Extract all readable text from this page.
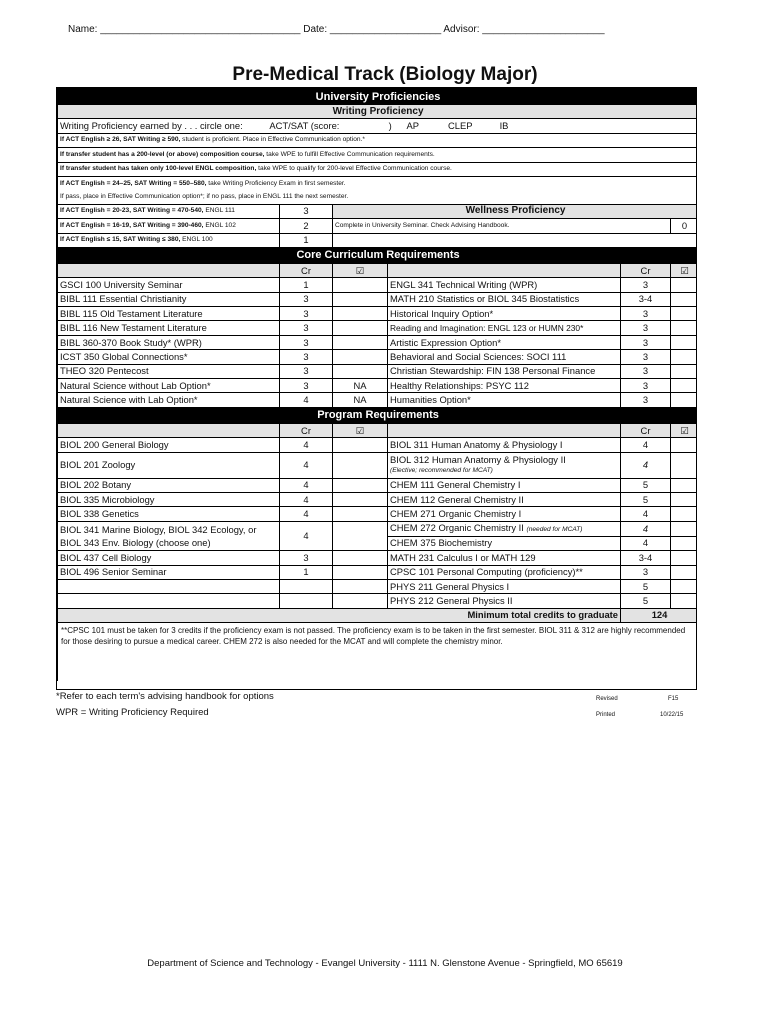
Name: ____________________________________ Date: ____________________ Advisor: ______________________
Pre-Medical Track (Biology Major)
University Proficiencies					
Writing Proficiency					
Writing Proficiency earned by . . . circle one: ACT/SAT (score: ) AP CLEP IB					
If ACT English ≥ 26, SAT Writing ≥ 590, student is proficient. Place in Effective Communication option.*					
If transfer student has a 200-level (or above) composition course, take WPE to fulfill Effective Communication requirements.					
If transfer student has taken only 100-level ENGL composition, take WPE to qualify for 200-level Effective Communication course.					
If ACT English = 24–25, SAT Writing = 550–580, take Writing Proficiency Exam in first semester.					
If pass, place in Effective Communication option*; if no pass, place in ENGL 111 the next semester.					
If ACT English = 20-23, SAT Writing = 470-540, ENGL 111	3	Wellness Proficiency			
If ACT English = 16-19, SAT Writing = 390-460, ENGL 102	2	Complete in University Seminar. Check Advising Handbook.			0
If ACT English ≤ 15, SAT Writing ≤ 380, ENGL 100	1				
Core Curriculum Requirements					
	Cr	☑		Cr	☑
GSCI 100 University Seminar	1		ENGL 341 Technical Writing (WPR)	3	
BIBL 111 Essential Christianity	3		MATH 210 Statistics or BIOL 345 Biostatistics	3-4	
BIBL 115 Old Testament Literature	3		Historical Inquiry Option*	3	
BIBL 116 New Testament Literature	3		Reading and Imagination: ENGL 123 or HUMN 230*	3	
BIBL 360-370 Book Study* (WPR)	3		Artistic Expression Option*	3	
ICST 350 Global Connections*	3		Behavioral and Social Sciences: SOCI 111	3	
THEO 320 Pentecost	3		Christian Stewardship: FIN 138 Personal Finance	3	
Natural Science without Lab Option*	3	NA	Healthy Relationships: PSYC 112	3	
Natural Science with Lab Option*	4	NA	Humanities Option*	3	
Program Requirements					
	Cr	☑		Cr	☑
BIOL 200 General Biology	4		BIOL 311 Human Anatomy & Physiology I	4	
BIOL 201 Zoology	4		BIOL 312 Human Anatomy & Physiology II
(Elective; recommended for MCAT)	4	
BIOL 202 Botany	4		CHEM 111 General Chemistry I	5	
BIOL 335 Microbiology	4		CHEM 112 General Chemistry II	5	
BIOL 338 Genetics	4		CHEM 271 Organic Chemistry I	4	

BIOL 341 Marine Biology, BIOL 342 Ecology, or
BIOL 343 Env. Biology (choose one)	4		CHEM 272 Organic Chemistry II (needed for MCAT)	4	
			CHEM 375 Biochemistry	4	
BIOL 437 Cell Biology	3		MATH 231 Calculus I or MATH 129	3-4	
BIOL 496 Senior Seminar	1		CPSC 101 Personal Computing (proficiency)**	3	
			PHYS 211 General Physics I	5	
			PHYS 212 General Physics II	5	
Minimum total credits to graduate				124	
**CPSC 101 must be taken for 3 credits if the proficiency exam is not passed. The proficiency exam is to be taken in the first semester. BIOL 311 & 312 are highly recommended for those desiring to pursue a medical career. CHEM 272 is also needed for the MCAT and will complete the chemistry minor.					
*Refer to each term's advising handbook for options
WPR = Writing Proficiency Required
Revised	F15
Printed	10/22/15
Department of Science and Technology - Evangel University - 1111 N. Glenstone Avenue - Springfield, MO 65619
